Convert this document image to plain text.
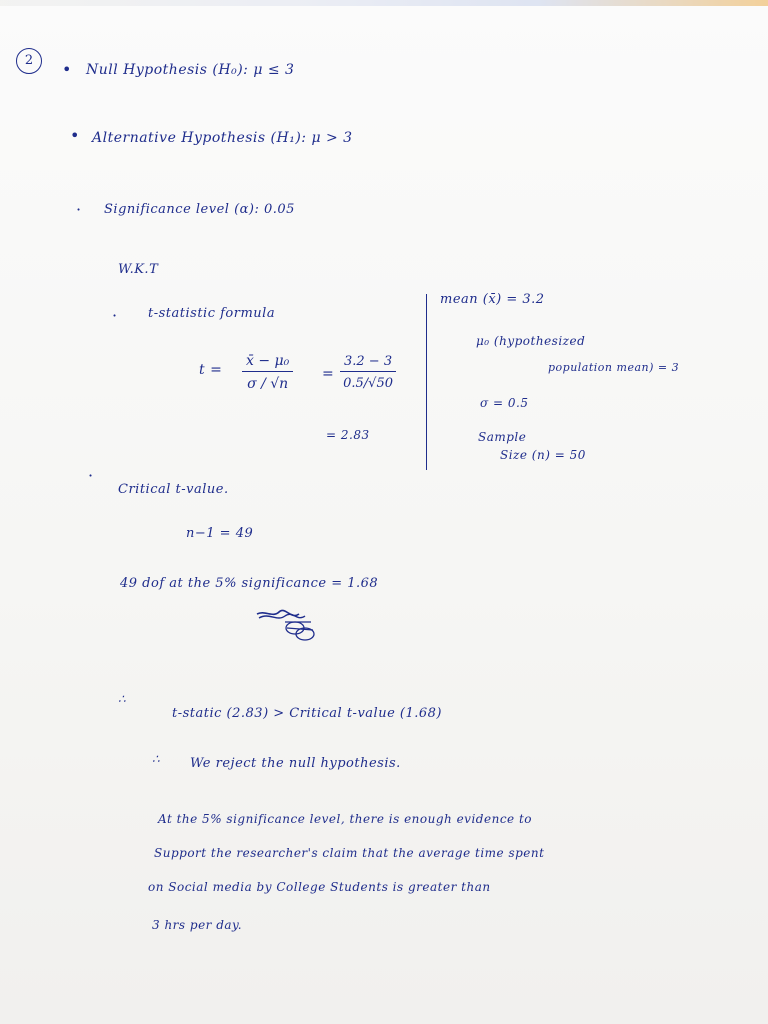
2	• Null Hypothesis (H₀): μ ≤ 3
• Alternative Hypothesis (H₁): μ > 3
· Significance level (α): 0.05
W.K.T
· t-statistic formula
$t = \frac{\text{x̄ − μ₀}}{\sigma / √n} = \frac{3.2 - 3}{0.5/√50}$
= 2.83
mean (x̄) = 3.2
μ₀ (hypothesized
population mean) = 3
σ = 0.5
Sample
Size (n) = 50
·
Critical t-value.
n−1 = 49
49 dof at the 5% significance = 1.68
∴
t-static (2.83) > Critical t-value (1.68)
∴ We reject the null hypothesis.
At the 5% significance level, there is enough evidence to
Support the researcher's claim that the average time spent
on Social media by College Students is greater than
3 hrs per day.
